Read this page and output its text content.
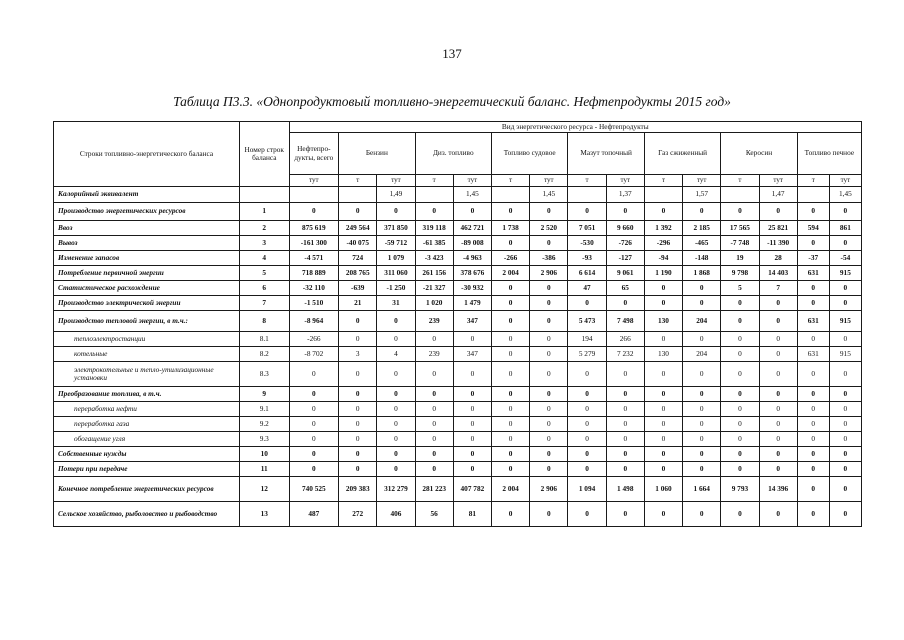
137
Таблица П3.3. «Однопродуктовый топливно-энергетический баланс. Нефтепродукты 2015 год»
Строки топливно-энергетического баланса	Номер строк баланса	Вид энергетического ресурса - Нефтепродукты														
		Нефтепро-дукты, всего	Бензин		Диз. топливо		Топливо судовое		Мазут топочный		Газ сжиженный		Керосин		Топливо печное	
		тут	т	тут	т	тут	т	тут	т	тут	т	тут	т	тут	т	тут
Калорийный эквивалент				1,49		1,45		1,45		1,37		1,57		1,47		1,45
Производство энергетических ресурсов	1	0	0	0	0	0	0	0	0	0	0	0	0	0	0	0
Ввоз	2	875 619	249 564	371 850	319 118	462 721	1 738	2 520	7 051	9 660	1 392	2 185	17 565	25 821	594	861
Вывоз	3	-161 300	-40 075	-59 712	-61 385	-89 008	0	0	-530	-726	-296	-465	-7 748	-11 390	0	0
Изменение запасов	4	-4 571	724	1 079	-3 423	-4 963	-266	-386	-93	-127	-94	-148	19	28	-37	-54
Потребление первичной энергии	5	718 889	208 765	311 060	261 156	378 676	2 004	2 906	6 614	9 061	1 190	1 868	9 798	14 403	631	915
Статистическое расхождение	6	-32 110	-639	-1 250	-21 327	-30 932	0	0	47	65	0	0	5	7	0	0
Производство электрической энергии	7	-1 510	21	31	1 020	1 479	0	0	0	0	0	0	0	0	0	0
Производство тепловой энергии, в т.ч.:	8	-8 964	0	0	239	347	0	0	5 473	7 498	130	204	0	0	631	915
теплоэлектростанции	8.1	-266	0	0	0	0	0	0	194	266	0	0	0	0	0	0
котельные	8.2	-8 702	3	4	239	347	0	0	5 279	7 232	130	204	0	0	631	915
электрокотельные и тепло-утилизационные установки	8.3	0	0	0	0	0	0	0	0	0	0	0	0	0	0	0
Преобразование топлива, в т.ч.	9	0	0	0	0	0	0	0	0	0	0	0	0	0	0	0
переработка нефти	9.1	0	0	0	0	0	0	0	0	0	0	0	0	0	0	0
переработка газа	9.2	0	0	0	0	0	0	0	0	0	0	0	0	0	0	0
обогащение угля	9.3	0	0	0	0	0	0	0	0	0	0	0	0	0	0	0
Собственные нужды	10	0	0	0	0	0	0	0	0	0	0	0	0	0	0	0
Потери при передаче	11	0	0	0	0	0	0	0	0	0	0	0	0	0	0	0
Конечное потребление энергетических ресурсов	12	740 525	209 383	312 279	281 223	407 782	2 004	2 906	1 094	1 498	1 060	1 664	9 793	14 396	0	0
Сельское хозяйство, рыболовство и рыбоводство	13	487	272	406	56	81	0	0	0	0	0	0	0	0	0	0
